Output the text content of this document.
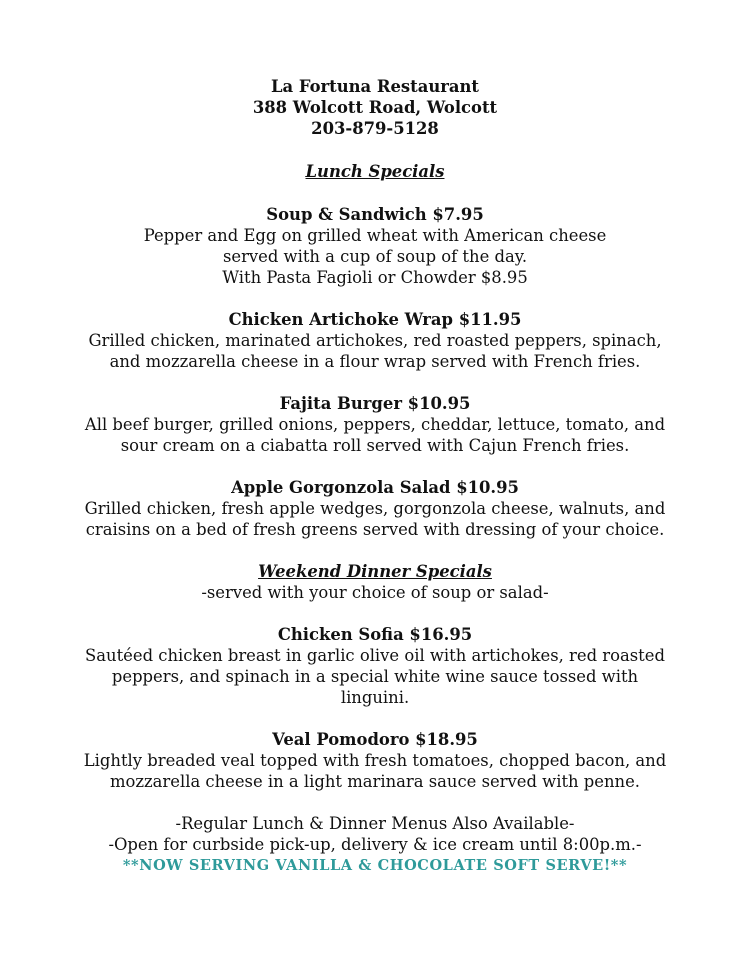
La Fortuna Restaurant
388 Wolcott Road, Wolcott
203-879-5128
Lunch Specials
Soup & Sandwich $7.95
Pepper and Egg on grilled wheat with American cheese
served with a cup of soup of the day.
With Pasta Fagioli or Chowder $8.95
Chicken Artichoke Wrap $11.95
Grilled chicken, marinated artichokes, red roasted peppers, spinach,
and mozzarella cheese in a flour wrap served with French fries.
Fajita Burger $10.95
All beef burger, grilled onions, peppers, cheddar, lettuce, tomato, and
sour cream on a ciabatta roll served with Cajun French fries.
Apple Gorgonzola Salad $10.95
Grilled chicken, fresh apple wedges, gorgonzola cheese, walnuts, and
craisins on a bed of fresh greens served with dressing of your choice.
Weekend Dinner Specials
-served with your choice of soup or salad-
Chicken Sofia $16.95
Sautéed chicken breast in garlic olive oil with artichokes, red roasted
peppers, and spinach in a special white wine sauce tossed with
linguini.
Veal Pomodoro $18.95
Lightly breaded veal topped with fresh tomatoes, chopped bacon, and
mozzarella cheese in a light marinara sauce served with penne.
-Regular Lunch & Dinner Menus Also Available-
-Open for curbside pick-up, delivery & ice cream until 8:00p.m.-
**NOW SERVING VANILLA & CHOCOLATE SOFT SERVE!**
